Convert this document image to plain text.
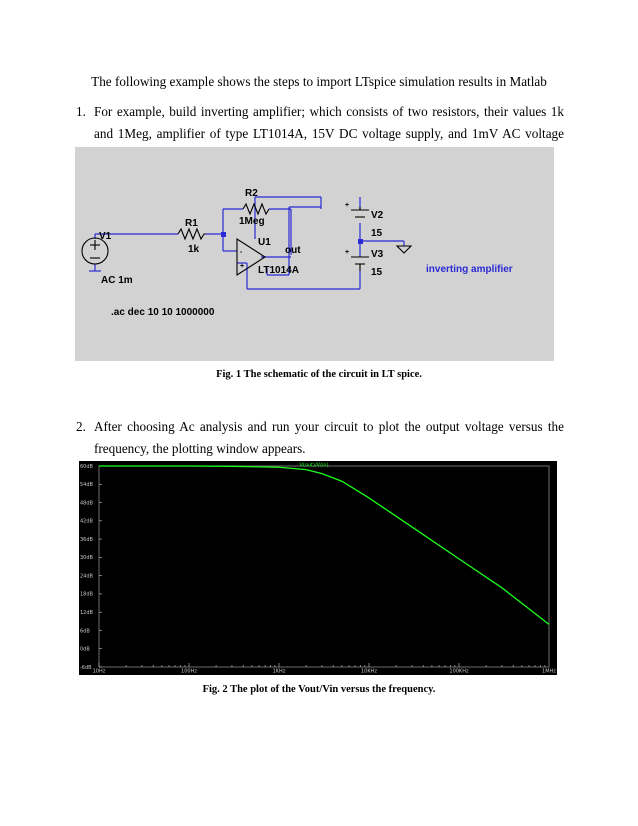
The following example shows the steps to import LTspice simulation results in Matlab
1. For example, build inverting amplifier; which consists of two resistors, their values 1k and 1Meg, amplifier of type LT1014A, 15V DC voltage supply, and 1mV AC voltage
+
+
-
+
R2
1Meg
R1
1k
V1
AC 1m
U1
LT1014A
out
V2
15
V3
15
.ac dec 10 10 1000000
inverting amplifier
Fig. 1 The schematic of the circuit in LT spice.
2. After choosing Ac analysis and run your circuit to plot the output voltage versus the frequency, the plotting window appears.
60dB
54dB
48dB
42dB
36dB
30dB
24dB
18dB
12dB
6dB
0dB
-6dB
10Hz	100Hz	1KHz	10KHz	100KHz	1MHz
V(out)/V(in)
Fig. 2 The plot of the Vout/Vin versus the frequency.
